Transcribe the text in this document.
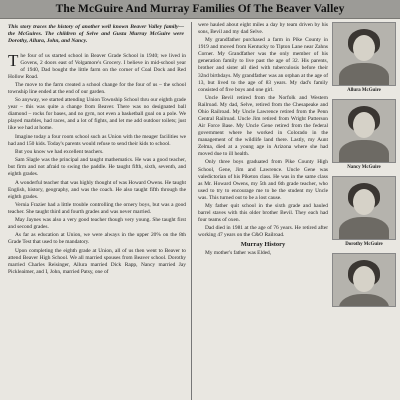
The McGuire And Murray Families Of The Beaver Valley

This story traces the history of another well known Beaver Valley family—the McGuires. The children of Selve and Gusta Murray McGuire were Dorothy, Allura, John, and Nancy.

The four of us started school in Beaver Grade School in 1940; we lived in Govens, 2 doors east of Volgamore's Grocery. I believe in mid-school year of 1940, Dad bought the little farm on the corner of Coal Dock and Red Hollow Road.

The move to the farm created a school change for the four of us – the school township line ended at the end of our garden.

So anyway, we started attending Union Township School thru our eighth grade year – this was quite a change from Beaver. There was no designated ball diamond – rocks for bases, and no gym, not even a basketball goal on a pole. We played marbles, had races, and a lot of fights, and let me add outdoor toilets; just like we had at home.

Imagine today a four room school such as Union with the meager facilities we had and 150 kids. Today's parents would refuse to send their kids to school.

But you know we had excellent teachers.

Sam Slagle was the principal and taught mathematics. He was a good teacher, but firm and not afraid to swing the paddle. He taught fifth, sixth, seventh, and eighth grades.

A wonderful teacher that was highly thought of was Howard Owens. He taught English, history, geography, and was the coach. He also taught fifth through the eighth grades.

Vernia Frazier had a little trouble controlling the ornery boys, but was a good teacher. She taught third and fourth grades and was never married.

May Jaynes was also a very good teacher though very young. She taught first and second grades.

As far as education at Union, we were always in the upper 20% on the 8th Grade Test that used to be mandatory.

Upon completing the eighth grade at Union, all of us then went to Beaver to attend Beaver High School. We all married spouses from Beaver school. Dorothy married Charles Reisinger, Allura married Dick Rapp, Nancy married Jay Pickleaimer, and I, John, married Patsy, one of

were hauled about eight miles a day by team driven by his sons, Bevil and my dad Selve.

My grandfather purchased a farm in Pike County in 1919 and moved from Kentucky to Tipton Lane near Zahns Corner. My Grandfather was the only member of his generation family to live past the age of 32. His parents, brother and sister all died with tuberculosis before their 32nd birthdays. My grandfather was an orphan at the age of 13, but lived to the age of 83 years. My dad's family consisted of five boys and one girl.

Uncle Bevil retired from the Norfolk and Western Railroad. My dad, Selve, retired from the Chesapeake and Ohio Railroad. My Uncle Lawrence retired from the Penn Central Railroad. Uncle Jim retired from Wright Patterson Air Force Base. My Uncle Gene retired from the federal government where he worked in Colorado in the management of the wildlife land there. Lastly, my Aunt Zelma, died at a young age in Arizona where she had moved due to ill health.

Only three boys graduated from Pike County High School, Gene, Jim and Lawrence. Uncle Gene was valedictorian of his Piketon class. He was in the same class as Mr. Howard Owens, my 5th and 6th grade teacher, who used to try to encourage me to be the student my Uncle was. This turned out to be a lost cause.

My father quit school in the sixth grade and hauled barrel staves with this older brother Bevil. They each had four teams of oxen.

Dad died in 1981 at the age of 76 years. He retired after working 47 years on the C&O Railroad.

Murray History

My mother's father was Elded,

Allura McGuire
Nancy McGuire
Dorothy McGuire
